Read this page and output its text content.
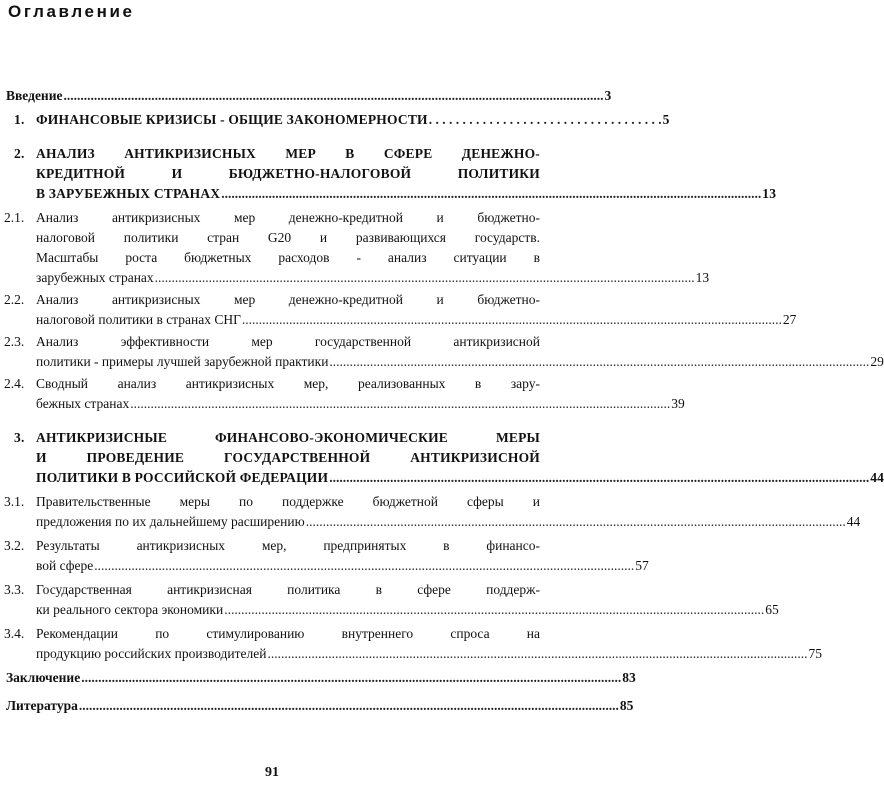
Оглавление
Введение ................................................................................................................................................................ 3
1. ФИНАНСОВЫЕ КРИЗИСЫ - ОБЩИЕ ЗАКОНОМЕРНОСТИ . . . . . . . . . . . . . . . . . . . . . . . . . . . . . . . . . . . 5
2. АНАЛИЗ АНТИКРИЗИСНЫХ МЕР В СФЕРЕ ДЕНЕЖНО-
КРЕДИТНОЙ И БЮДЖЕТНО-НАЛОГОВОЙ ПОЛИТИКИ
В ЗАРУБЕЖНЫХ СТРАНАХ ................................................................................................................................................................ 13
2.1. Анализ антикризисных мер денежно-кредитной и бюджетно-
налоговой политики стран G20 и развивающихся государств.
Масштабы роста бюджетных расходов - анализ ситуации в
зарубежных странах ................................................................................................................................................................ 13
2.2. Анализ антикризисных мер денежно-кредитной и бюджетно-
налоговой политики в странах СНГ ................................................................................................................................................................ 27
2.3. Анализ эффективности мер государственной антикризисной
политики - примеры лучшей зарубежной практики ................................................................................................................................................................ 29
2.4. Сводный анализ антикризисных мер, реализованных в зару-
бежных странах ................................................................................................................................................................ 39
3. АНТИКРИЗИСНЫЕ ФИНАНСОВО-ЭКОНОМИЧЕСКИЕ МЕРЫ
И ПРОВЕДЕНИЕ ГОСУДАРСТВЕННОЙ АНТИКРИЗИСНОЙ
ПОЛИТИКИ В РОССИЙСКОЙ ФЕДЕРАЦИИ ................................................................................................................................................................ 44
3.1. Правительственные меры по поддержке бюджетной сферы и
предложения по их дальнейшему расширению ................................................................................................................................................................ 44
3.2. Результаты антикризисных мер, предпринятых в финансо-
вой сфере ................................................................................................................................................................ 57
3.3. Государственная антикризисная политика в сфере поддерж-
ки реального сектора экономики ................................................................................................................................................................ 65
3.4. Рекомендации по стимулированию внутреннего спроса на
продукцию российских производителей ................................................................................................................................................................ 75
Заключение ................................................................................................................................................................ 83
Литература ................................................................................................................................................................ 85
91
